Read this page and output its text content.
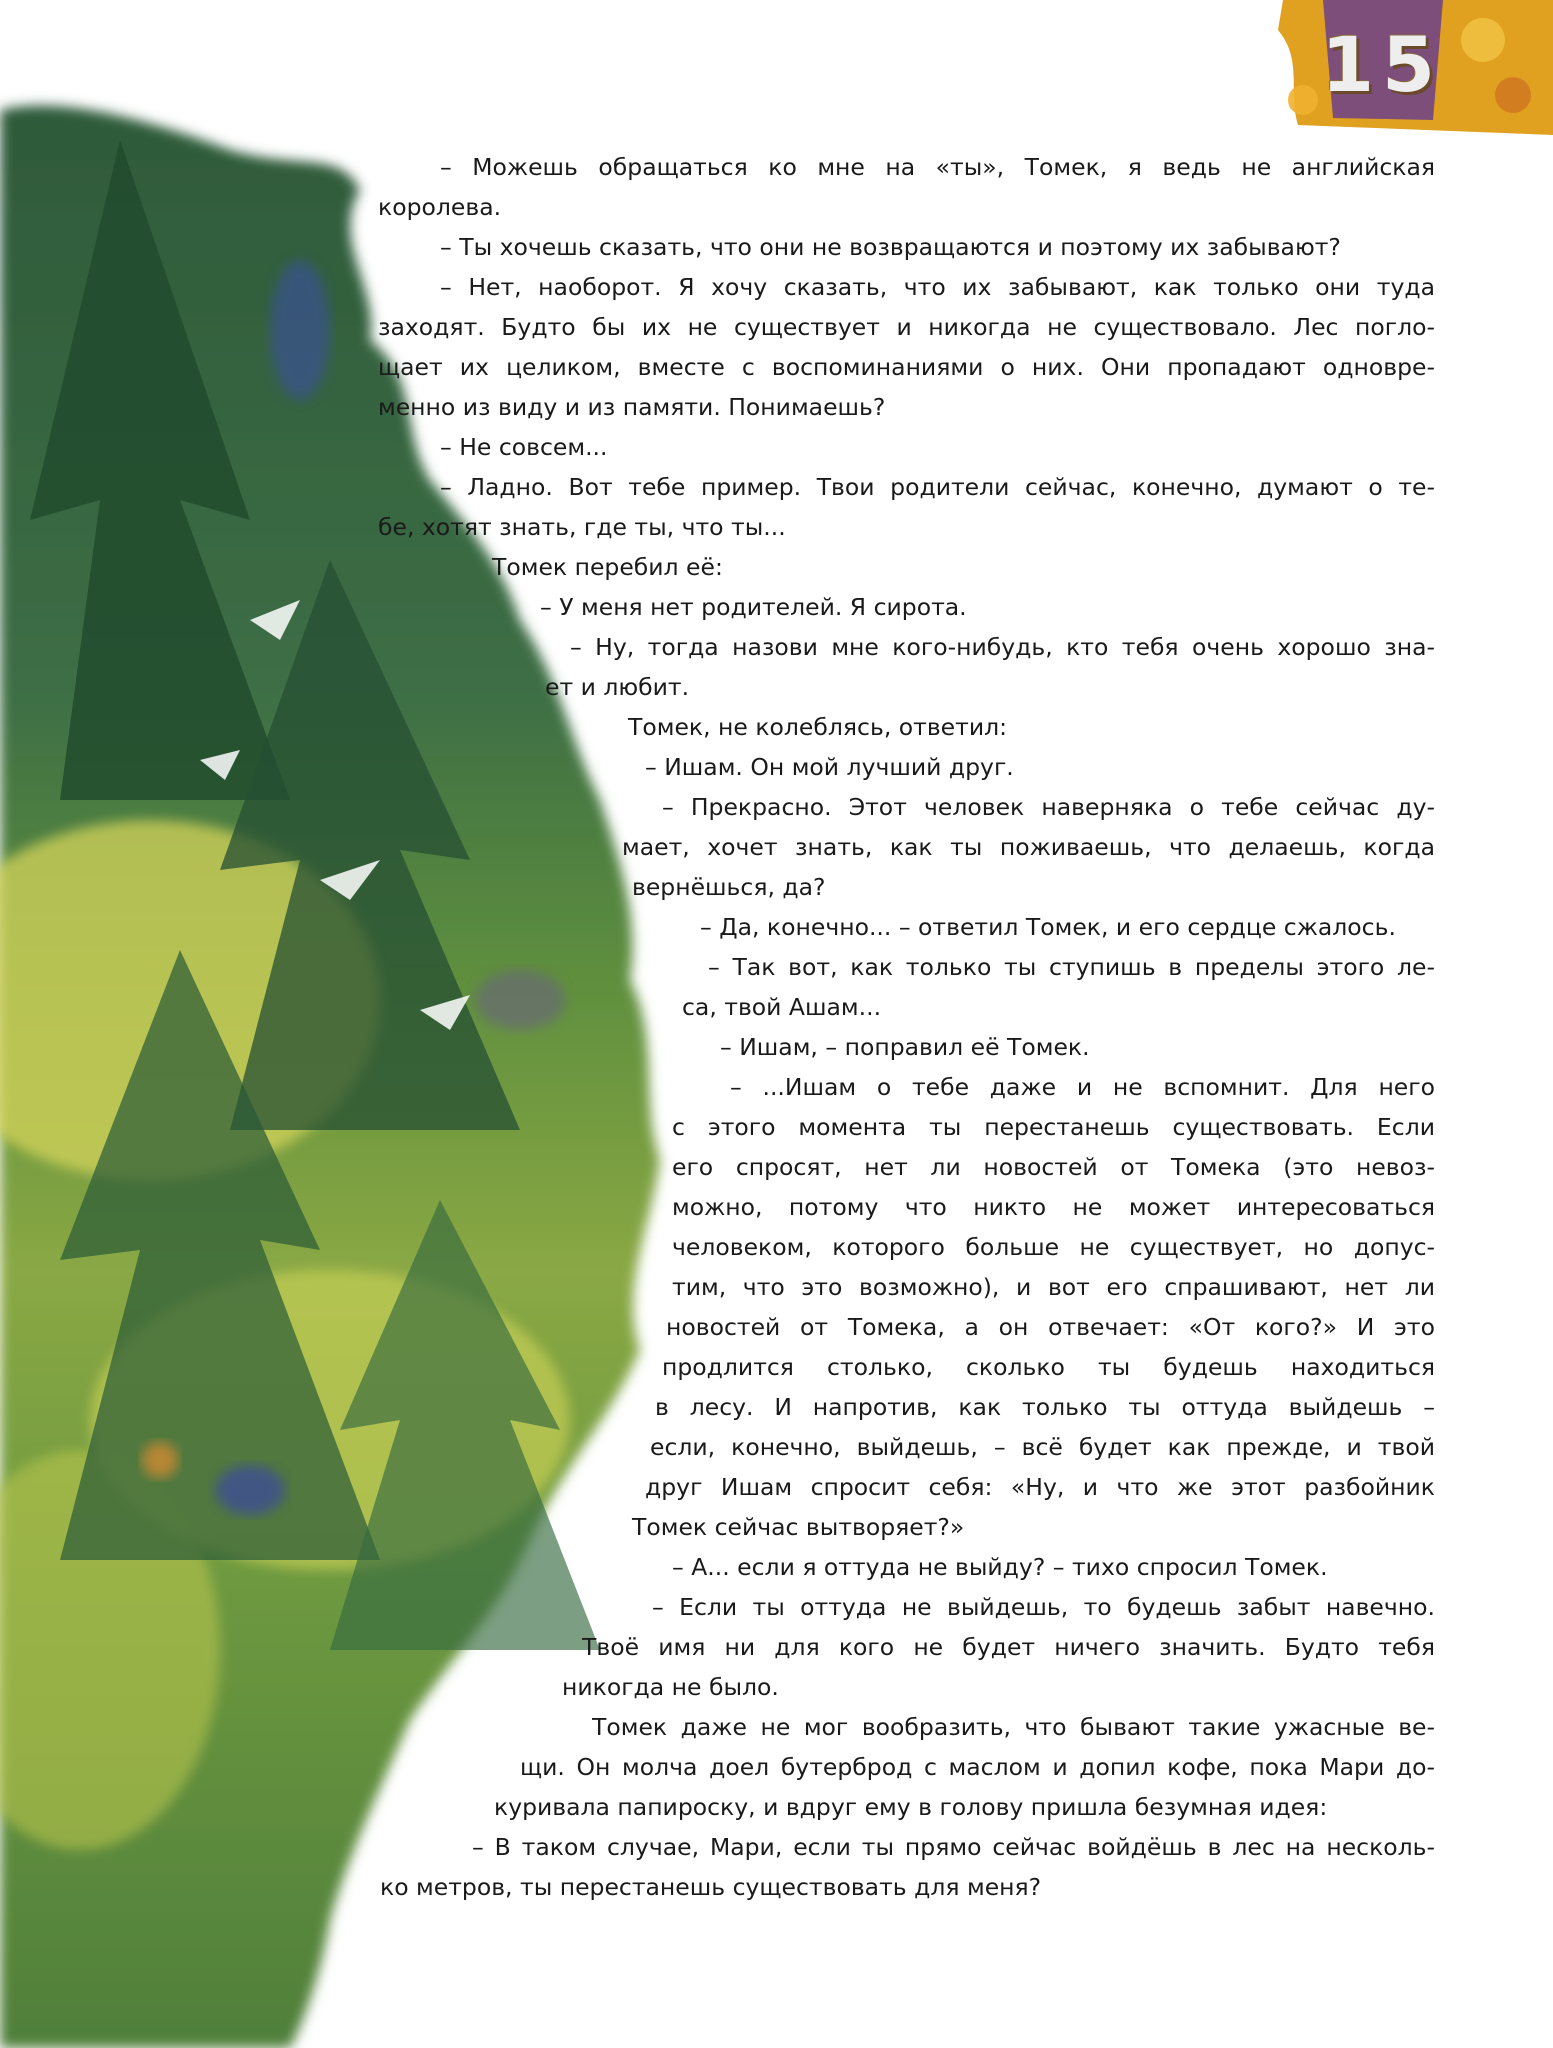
15
– Можешь обращаться ко мне на «ты», Томек, я ведь не английская
королева.
– Ты хочешь сказать, что они не возвращаются и поэтому их забывают?
– Нет, наоборот. Я хочу сказать, что их забывают, как только они туда
заходят. Будто бы их не существует и никогда не существовало. Лес погло-
щает их целиком, вместе с воспоминаниями о них. Они пропадают одновре-
менно из виду и из памяти. Понимаешь?
– Не совсем...
– Ладно. Вот тебе пример. Твои родители сейчас, конечно, думают о те-
бе, хотят знать, где ты, что ты...
Томек перебил её:
– У меня нет родителей. Я сирота.
– Ну, тогда назови мне кого-нибудь, кто тебя очень хорошо зна-
ет и любит.
Томек, не колеблясь, ответил:
– Ишам. Он мой лучший друг.
– Прекрасно. Этот человек наверняка о тебе сейчас ду-
мает, хочет знать, как ты поживаешь, что делаешь, когда
вернёшься, да?
– Да, конечно... – ответил Томек, и его сердце сжалось.
– Так вот, как только ты ступишь в пределы этого ле-
са, твой Ашам...
– Ишам, – поправил её Томек.
– ...Ишам о тебе даже и не вспомнит. Для него
с этого момента ты перестанешь существовать. Если
его спросят, нет ли новостей от Томека (это невоз-
можно, потому что никто не может интересоваться
человеком, которого больше не существует, но допус-
тим, что это возможно), и вот его спрашивают, нет ли
новостей от Томека, а он отвечает: «От кого?» И это
продлится столько, сколько ты будешь находиться
в лесу. И напротив, как только ты оттуда выйдешь –
если, конечно, выйдешь, – всё будет как прежде, и твой
друг Ишам спросит себя: «Ну, и что же этот разбойник
Томек сейчас вытворяет?»
– А... если я оттуда не выйду? – тихо спросил Томек.
– Если ты оттуда не выйдешь, то будешь забыт навечно.
Твоё имя ни для кого не будет ничего значить. Будто тебя
никогда не было.
Томек даже не мог вообразить, что бывают такие ужасные ве-
щи. Он молча доел бутерброд с маслом и допил кофе, пока Мари до-
куривала папироску, и вдруг ему в голову пришла безумная идея:
– В таком случае, Мари, если ты прямо сейчас войдёшь в лес на несколь-
ко метров, ты перестанешь существовать для меня?
